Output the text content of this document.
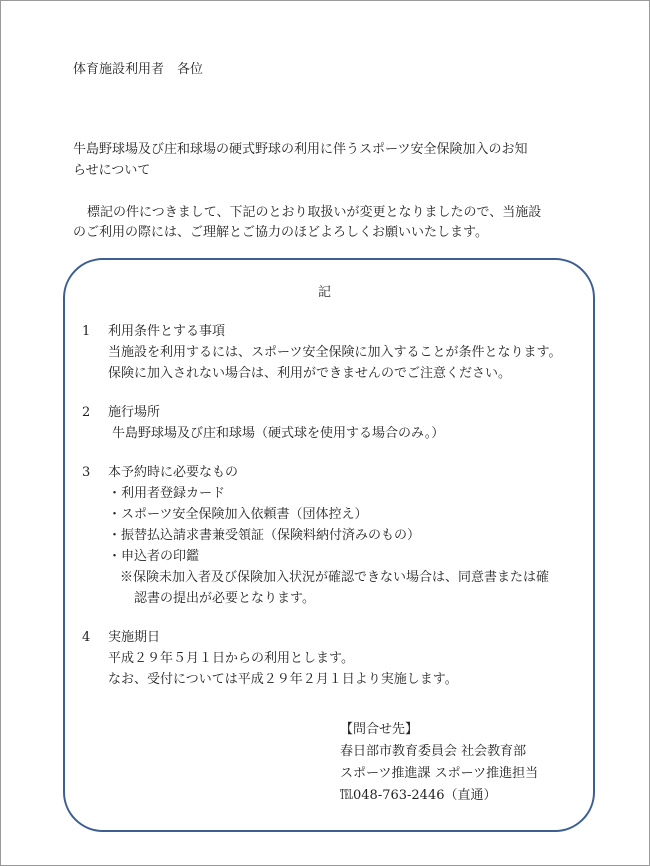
体育施設利用者　各位
牛島野球場及び庄和球場の硬式野球の利用に伴うスポーツ安全保険加入のお知
らせについて
標記の件につきまして、下記のとおり取扱いが変更となりましたので、当施設
のご利用の際には、ご理解とご協力のほどよろしくお願いいたします。
記
1 利用条件とする事項
当施設を利用するには、スポーツ安全保険に加入することが条件となります。
保険に加入されない場合は、利用ができませんのでご注意ください。
2 施行場所
牛島野球場及び庄和球場（硬式球を使用する場合のみ。）
3 本予約時に必要なもの
・利用者登録カード
・スポーツ安全保険加入依頼書（団体控え）
・振替払込請求書兼受領証（保険料納付済みのもの）
・申込者の印鑑
※保険未加入者及び保険加入状況が確認できない場合は、同意書または確
認書の提出が必要となります。
4 実施期日
平成２９年５月１日からの利用とします。
なお、受付については平成２９年２月１日より実施します。
【問合せ先】
春日部市教育委員会 社会教育部
スポーツ推進課 スポーツ推進担当
℡048-763-2446（直通）
